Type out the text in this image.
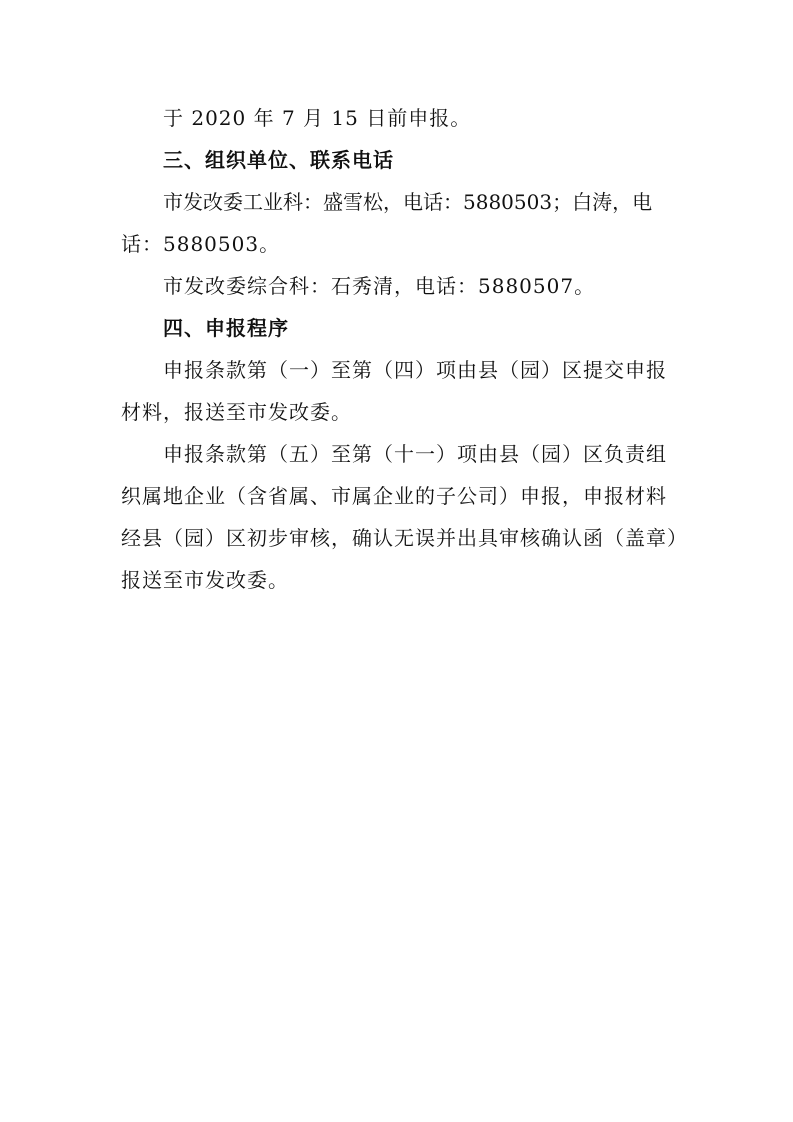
于 2020 年 7 月 15 日前申报。
三、组织单位、联系电话
市发改委工业科：盛雪松，电话：5880503；白涛，电
话：5880503。
市发改委综合科：石秀清，电话：5880507。
四、申报程序
申报条款第（一）至第（四）项由县（园）区提交申报
材料，报送至市发改委。
申报条款第（五）至第（十一）项由县（园）区负责组
织属地企业（含省属、市属企业的子公司）申报，申报材料
经县（园）区初步审核，确认无误并出具审核确认函（盖章）
报送至市发改委。
